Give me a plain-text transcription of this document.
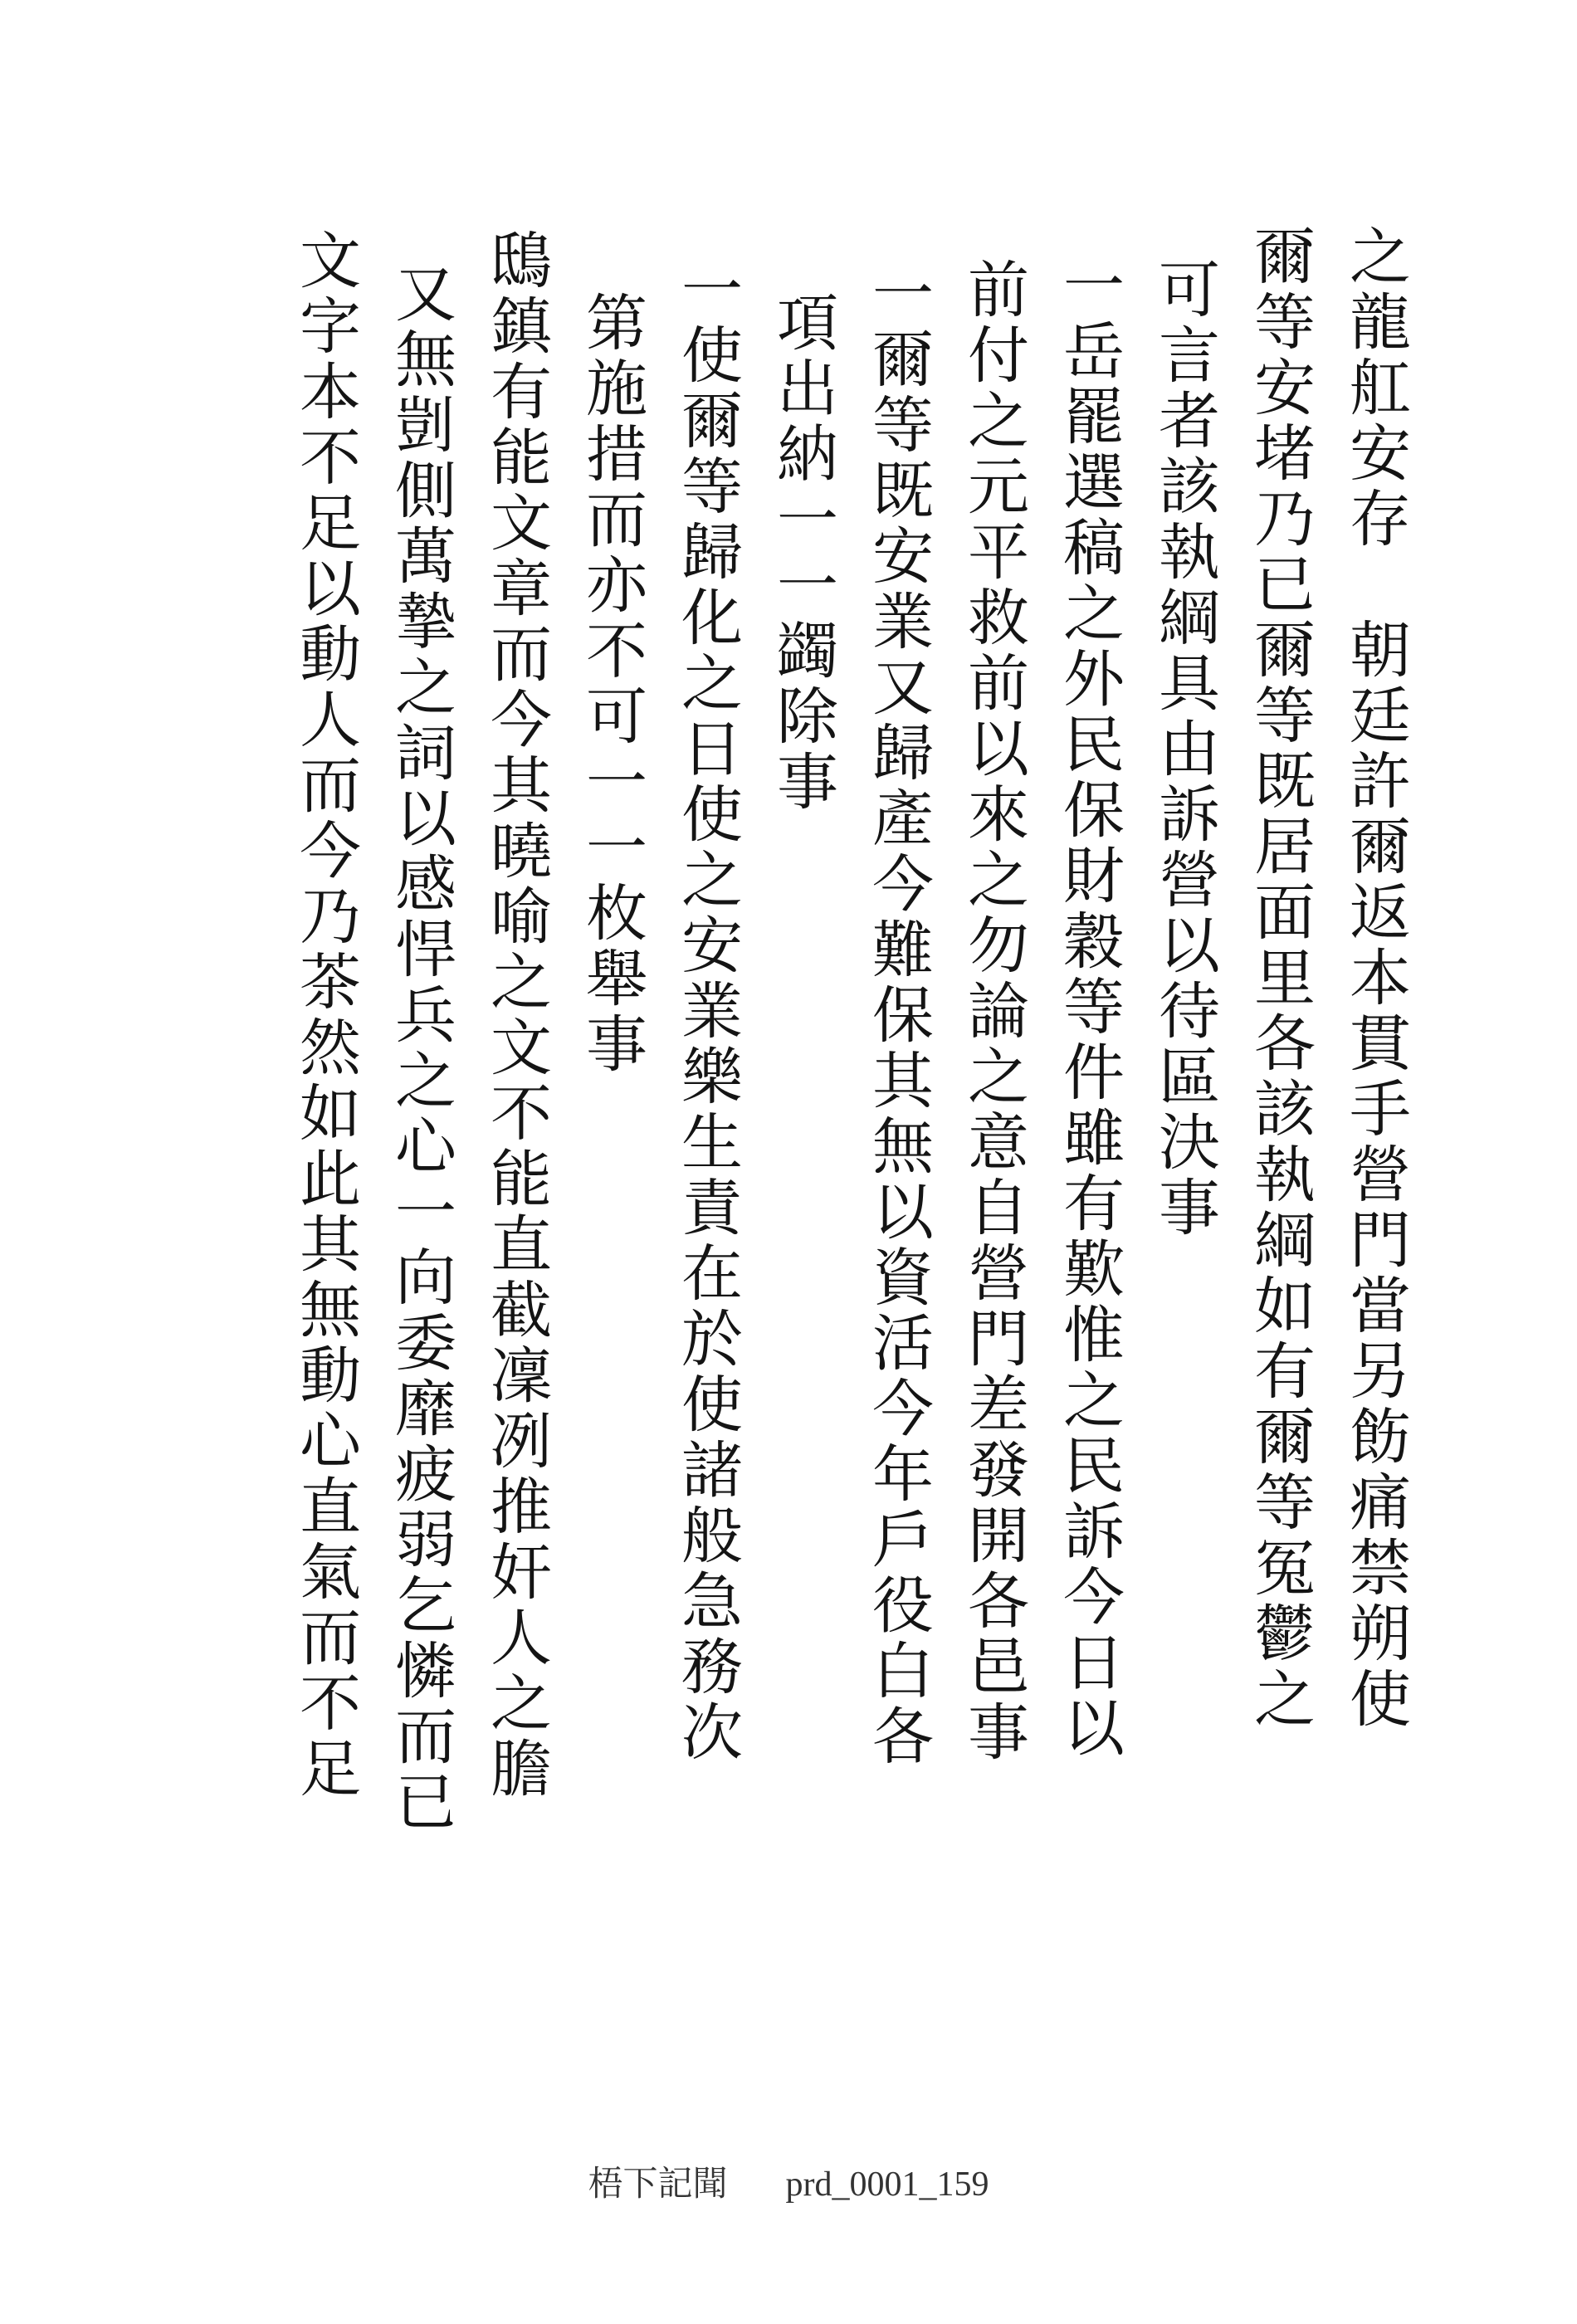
之龍舡安存　朝廷許爾返本貫手營門當另飭痛禁朔使
爾等安堵乃已爾等既居面里各該執綱如有爾等冤鬱之
可言者該執綱具由訴營以待區決事
一岳罷選稿之外民保財穀等件雖有歎惟之民訴今日以
前付之元平救前以來之勿論之意自營門差發開各邑事
一爾等既安業又歸產今難保其無以資活今年戶役白各
項出納一一蠲除事
一使爾等歸化之日使之安業樂生責在於使諸般急務次
第施措而亦不可一一枚舉事
鴟鎮有能文章而今其曉喻之文不能直截凜冽推奸人之膽
又無剴側萬摯之詞以感悍兵之心一向委靡疲弱乞憐而已
文字本不足以動人而今乃茶然如此其無動心直氣而不足
梧下記聞 prd_0001_159
